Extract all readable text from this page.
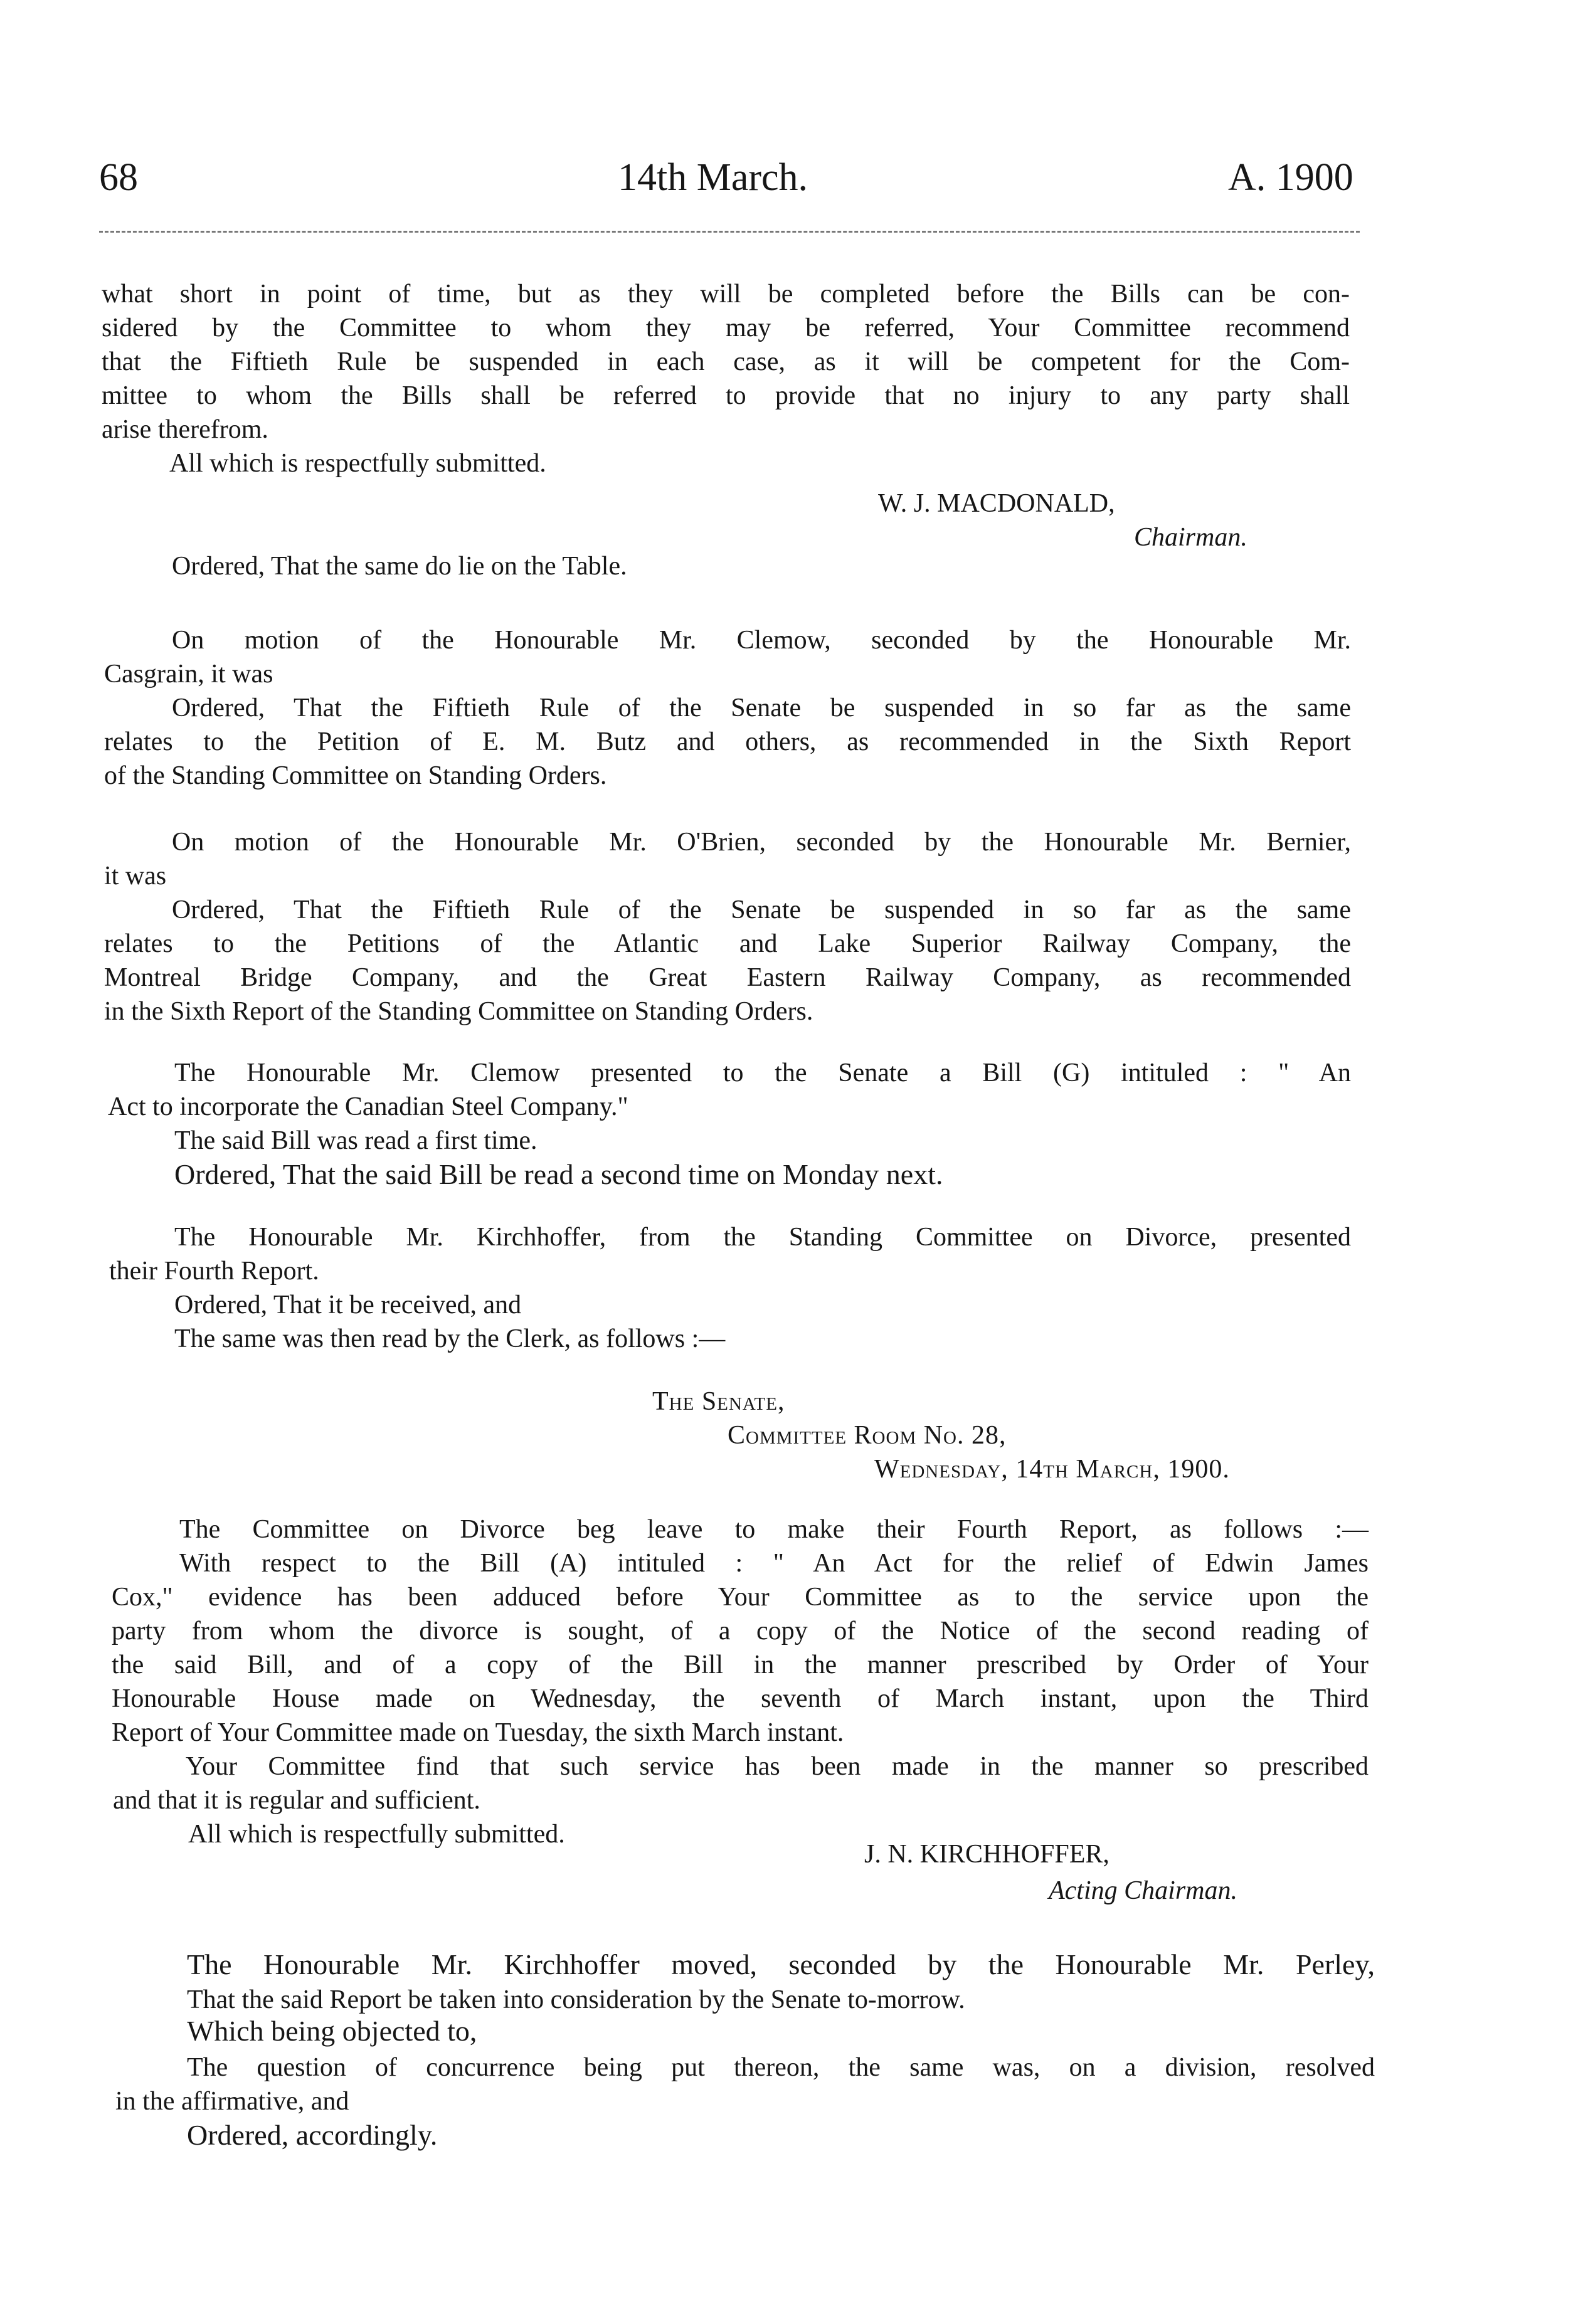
68	14th March.	A. 1900
what short in point of time, but as they will be completed before the Bills can be con-
sidered by the Committee to whom they may be referred, Your Committee recommend
that the Fiftieth Rule be suspended in each case, as it will be competent for the Com-
mittee to whom the Bills shall be referred to provide that no injury to any party shall
arise therefrom.
All which is respectfully submitted.
W. J. MACDONALD,
Chairman.
Ordered, That the same do lie on the Table.
On motion of the Honourable Mr. Clemow, seconded by the Honourable Mr.
Casgrain, it was
Ordered, That the Fiftieth Rule of the Senate be suspended in so far as the same
relates to the Petition of E. M. Butz and others, as recommended in the Sixth Report
of the Standing Committee on Standing Orders.
On motion of the Honourable Mr. O'Brien, seconded by the Honourable Mr. Bernier,
it was
Ordered, That the Fiftieth Rule of the Senate be suspended in so far as the same
relates to the Petitions of the Atlantic and Lake Superior Railway Company, the
Montreal Bridge Company, and the Great Eastern Railway Company, as recommended
in the Sixth Report of the Standing Committee on Standing Orders.
The Honourable Mr. Clemow presented to the Senate a Bill (G) intituled : " An
Act to incorporate the Canadian Steel Company."
The said Bill was read a first time.
Ordered, That the said Bill be read a second time on Monday next.
The Honourable Mr. Kirchhoffer, from the Standing Committee on Divorce, presented
their Fourth Report.
Ordered, That it be received, and
The same was then read by the Clerk, as follows :—
The Senate,
Committee Room No. 28,
Wednesday, 14th March, 1900.
The Committee on Divorce beg leave to make their Fourth Report, as follows :—
With respect to the Bill (A) intituled : " An Act for the relief of Edwin James
Cox," evidence has been adduced before Your Committee as to the service upon the
party from whom the divorce is sought, of a copy of the Notice of the second reading of
the said Bill, and of a copy of the Bill in the manner prescribed by Order of Your
Honourable House made on Wednesday, the seventh of March instant, upon the Third
Report of Your Committee made on Tuesday, the sixth March instant.
Your Committee find that such service has been made in the manner so prescribed
and that it is regular and sufficient.
All which is respectfully submitted.
J. N. KIRCHHOFFER,
Acting Chairman.
The Honourable Mr. Kirchhoffer moved, seconded by the Honourable Mr. Perley,
That the said Report be taken into consideration by the Senate to-morrow.
Which being objected to,
The question of concurrence being put thereon, the same was, on a division, resolved
in the affirmative, and
Ordered, accordingly.
